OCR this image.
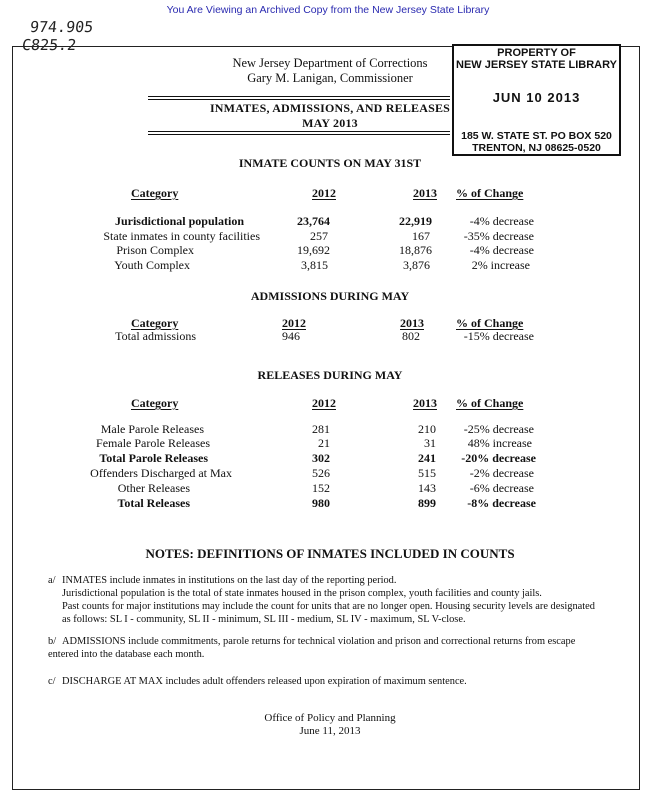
You Are Viewing an Archived Copy from the New Jersey State Library
974.905
C825.2
New Jersey Department of Corrections
Gary M. Lanigan, Commissioner
INMATES, ADMISSIONS, AND RELEASES
MAY 2013
PROPERTY OF
NEW JERSEY STATE LIBRARY
JUN 10 2013
185 W. STATE ST. PO BOX 520
TRENTON, NJ 08625-0520
INMATE COUNTS ON MAY 31ST
Category	2012	2013 % of Change
Jurisdictional population	23,764	22,919	-4% decrease
State inmates in county facilities	257	167	-35% decrease
Prison Complex	19,692	18,876	-4% decrease
Youth Complex	3,815	3,876	2% increase
ADMISSIONS DURING MAY
Category	2012	2013	% of Change
Total admissions	946	802	-15% decrease
RELEASES DURING MAY
Category	2012	2013 % of Change
Male Parole Releases	281	210	-25% decrease
Female Parole Releases	21	31	48% increase
Total Parole Releases	302	241	-20% decrease
Offenders Discharged at Max	526	515	-2% decrease
Other Releases	152	143	-6% decrease
Total Releases	980	899	-8% decrease
NOTES: DEFINITIONS OF INMATES INCLUDED IN COUNTS
a/ INMATES include inmates in institutions on the last day of the reporting period.
Jurisdictional population is the total of state inmates housed in the prison complex, youth facilities and county jails.
Past counts for major institutions may include the count for units that are no longer open. Housing security levels are designated
as follows: SL I - community, SL II - minimum, SL III - medium, SL IV - maximum, SL V-close.
b/ ADMISSIONS include commitments, parole returns for technical violation and prison and correctional returns from escape
entered into the database each month.
c/ DISCHARGE AT MAX includes adult offenders released upon expiration of maximum sentence.
Office of Policy and Planning
June 11, 2013
